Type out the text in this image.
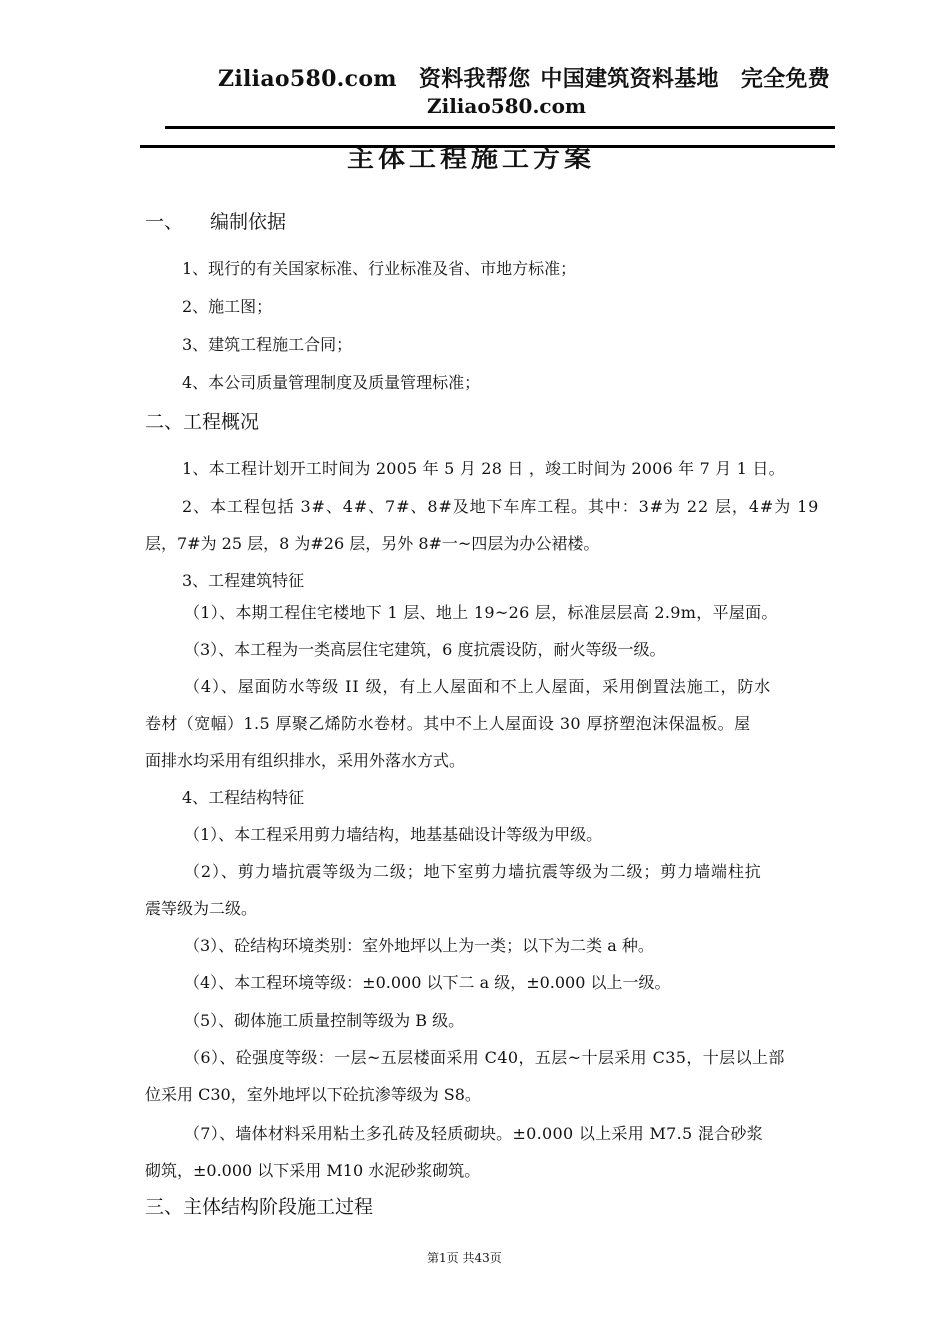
Ziliao580.com 资料我帮您 中国建筑资料基地 完全免费
Ziliao580.com
主体工程施工方案
一、 编制依据
1、现行的有关国家标准、行业标准及省、市地方标准；
2、施工图；
3、建筑工程施工合同；
4、本公司质量管理制度及质量管理标准；
二、工程概况
1、本工程计划开工时间为 2005 年 5 月 28 日 ，竣工时间为 2006 年 7 月 1 日。
2、本工程包括 3#、4#、7#、8#及地下车库工程。其中：3#为 22 层，4#为 19
层，7#为 25 层，8 为#26 层，另外 8#一~四层为办公裙楼。
3、工程建筑特征
（1）、本期工程住宅楼地下 1 层、地上 19~26 层，标准层层高 2.9m，平屋面。
（3）、本工程为一类高层住宅建筑，6 度抗震设防，耐火等级一级。
（4）、屋面防水等级 II 级，有上人屋面和不上人屋面，采用倒置法施工，防水
卷材（宽幅）1.5 厚聚乙烯防水卷材。其中不上人屋面设 30 厚挤塑泡沫保温板。屋
面排水均采用有组织排水，采用外落水方式。
4、工程结构特征
（1）、本工程采用剪力墙结构，地基基础设计等级为甲级。
（2）、剪力墙抗震等级为二级；地下室剪力墙抗震等级为二级；剪力墙端柱抗
震等级为二级。
（3）、砼结构环境类别：室外地坪以上为一类；以下为二类 a 种。
（4）、本工程环境等级：±0.000 以下二 a 级，±0.000 以上一级。
（5）、砌体施工质量控制等级为 B 级。
（6）、砼强度等级：一层~五层楼面采用 C40，五层~十层采用 C35，十层以上部
位采用 C30，室外地坪以下砼抗渗等级为 S8。
（7）、墙体材料采用粘土多孔砖及轻质砌块。±0.000 以上采用 M7.5 混合砂浆
砌筑，±0.000 以下采用 M10 水泥砂浆砌筑。
三、主体结构阶段施工过程
第1页 共43页
